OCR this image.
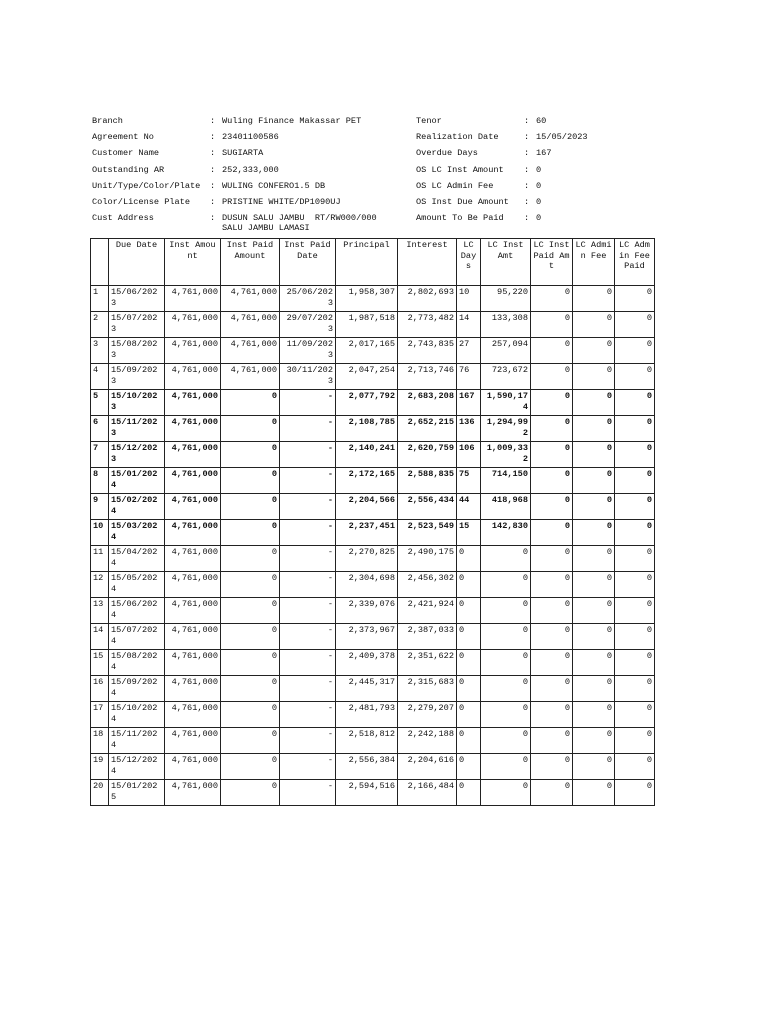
Branch	: Wuling Finance Makassar PET	Tenor	: 60
Agreement No	: 23401100586	Realization Date	: 15/05/2023
Customer Name	: SUGIARTA	Overdue Days	: 167
Outstanding AR	: 252,333,000	OS LC Inst Amount	: 0
Unit/Type/Color/Plate	: WULING CONFERO1.5 DB	OS LC Admin Fee	: 0
Color/License Plate	: PRISTINE WHITE/DP1090UJ	OS Inst Due Amount	: 0
Cust Address	: DUSUN SALU JAMBU  RT/RW000/000
SALU JAMBU LAMASI
Amount To Be Paid	: 0
	Due Date	Inst Amount	Inst Paid Amount	Inst Paid Date	Principal	Interest	LC Days	LC Inst Amt	LC Inst Paid Amt	LC Admin Fee	LC Admin Fee Paid
1	15/06/2023	4,761,000	4,761,000	25/06/2023	1,958,307	2,802,693	10	95,220	0	0	0
2	15/07/2023	4,761,000	4,761,000	29/07/2023	1,987,518	2,773,482	14	133,308	0	0	0
3	15/08/2023	4,761,000	4,761,000	11/09/2023	2,017,165	2,743,835	27	257,094	0	0	0
4	15/09/2023	4,761,000	4,761,000	30/11/2023	2,047,254	2,713,746	76	723,672	0	0	0
5	15/10/2023	4,761,000	0	-	2,077,792	2,683,208	167	1,590,174	0	0	0
6	15/11/2023	4,761,000	0	-	2,108,785	2,652,215	136	1,294,992	0	0	0
7	15/12/2023	4,761,000	0	-	2,140,241	2,620,759	106	1,009,332	0	0	0
8	15/01/2024	4,761,000	0	-	2,172,165	2,588,835	75	714,150	0	0	0
9	15/02/2024	4,761,000	0	-	2,204,566	2,556,434	44	418,968	0	0	0
10	15/03/2024	4,761,000	0	-	2,237,451	2,523,549	15	142,830	0	0	0
11	15/04/2024	4,761,000	0	-	2,270,825	2,490,175	0	0	0	0	0
12	15/05/2024	4,761,000	0	-	2,304,698	2,456,302	0	0	0	0	0
13	15/06/2024	4,761,000	0	-	2,339,076	2,421,924	0	0	0	0	0
14	15/07/2024	4,761,000	0	-	2,373,967	2,387,033	0	0	0	0	0
15	15/08/2024	4,761,000	0	-	2,409,378	2,351,622	0	0	0	0	0
16	15/09/2024	4,761,000	0	-	2,445,317	2,315,683	0	0	0	0	0
17	15/10/2024	4,761,000	0	-	2,481,793	2,279,207	0	0	0	0	0
18	15/11/2024	4,761,000	0	-	2,518,812	2,242,188	0	0	0	0	0
19	15/12/2024	4,761,000	0	-	2,556,384	2,204,616	0	0	0	0	0
20	15/01/2025	4,761,000	0	-	2,594,516	2,166,484	0	0	0	0	0
